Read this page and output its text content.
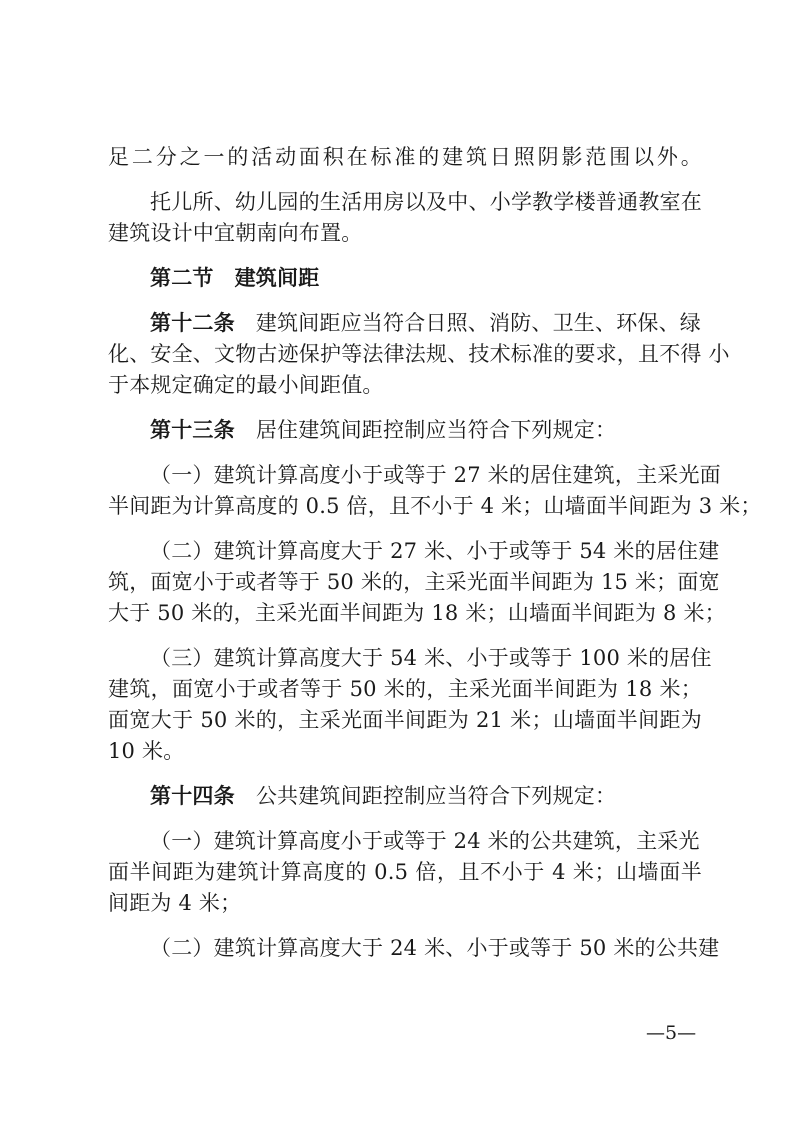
足二分之一的活动面积在标准的建筑日照阴影范围以外。
托儿所、幼儿园的生活用房以及中、小学教学楼普通教室在
建筑设计中宜朝南向布置。
第二节 建筑间距
第十二条 建筑间距应当符合日照、消防、卫生、环保、绿
化、安全、文物古迹保护等法律法规、技术标准的要求，且不得 小
于本规定确定的最小间距值。
第十三条 居住建筑间距控制应当符合下列规定：
（一）建筑计算高度小于或等于 27 米的居住建筑，主采光面
半间距为计算高度的 0.5 倍，且不小于 4 米；山墙面半间距为 3 米；
（二）建筑计算高度大于 27 米、小于或等于 54 米的居住建
筑，面宽小于或者等于 50 米的，主采光面半间距为 15 米；面宽
大于 50 米的，主采光面半间距为 18 米；山墙面半间距为 8 米；
（三）建筑计算高度大于 54 米、小于或等于 100 米的居住
建筑，面宽小于或者等于 50 米的，主采光面半间距为 18 米；
面宽大于 50 米的，主采光面半间距为 21 米；山墙面半间距为
10 米。
第十四条 公共建筑间距控制应当符合下列规定：
（一）建筑计算高度小于或等于 24 米的公共建筑，主采光
面半间距为建筑计算高度的 0.5 倍，且不小于 4 米；山墙面半
间距为 4 米；
（二）建筑计算高度大于 24 米、小于或等于 50 米的公共建
—5—
